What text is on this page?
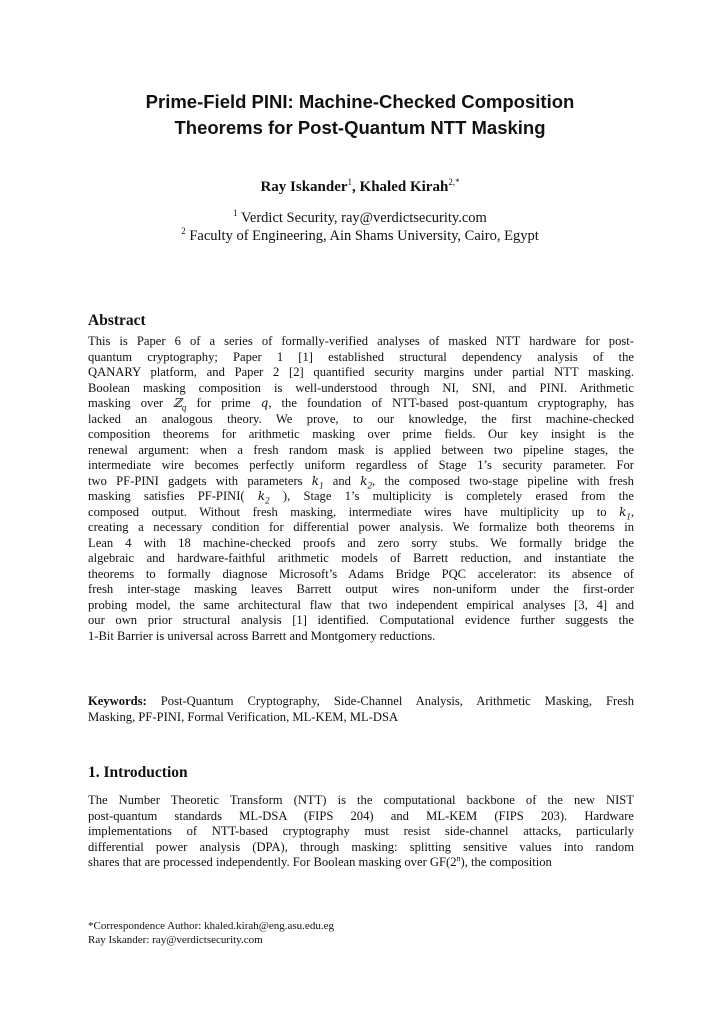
Prime-Field PINI: Machine-Checked Composition
Theorems for Post-Quantum NTT Masking
Ray Iskander$^1$, Khaled Kirah$^{2,*}$
$^1$ Verdict Security, ray@verdictsecurity.com
$^2$ Faculty of Engineering, Ain Shams University, Cairo, Egypt
Abstract
This is Paper 6 of a series of formally-verified analyses of masked NTT hardware for post-
quantum cryptography; Paper 1 [1] established structural dependency analysis of the
QANARY platform, and Paper 2 [2] quantified security margins under partial NTT masking.
Boolean masking composition is well-understood through NI, SNI, and PINI. Arithmetic
masking over ℤ$_q$ for prime q, the foundation of NTT-based post-quantum cryptography, has
lacked an analogous theory. We prove, to our knowledge, the first machine-checked
composition theorems for arithmetic masking over prime fields. Our key insight is the
renewal argument: when a fresh random mask is applied between two pipeline stages, the
intermediate wire becomes perfectly uniform regardless of Stage 1’s security parameter. For
two PF-PINI gadgets with parameters $k_1$ and $k_2$, the composed two-stage pipeline with fresh
masking satisfies PF-PINI( $k_2$ ), Stage 1’s multiplicity is completely erased from the
composed output. Without fresh masking, intermediate wires have multiplicity up to $k_1$,
creating a necessary condition for differential power analysis. We formalize both theorems in
Lean 4 with 18 machine-checked proofs and zero sorry stubs. We formally bridge the
algebraic and hardware-faithful arithmetic models of Barrett reduction, and instantiate the
theorems to formally diagnose Microsoft’s Adams Bridge PQC accelerator: its absence of
fresh inter-stage masking leaves Barrett output wires non-uniform under the first-order
probing model, the same architectural flaw that two independent empirical analyses [3, 4] and
our own prior structural analysis [1] identified. Computational evidence further suggests the
1-Bit Barrier is universal across Barrett and Montgomery reductions.
Keywords: Post-Quantum Cryptography, Side-Channel Analysis, Arithmetic Masking, Fresh
Masking, PF-PINI, Formal Verification, ML-KEM, ML-DSA
1. Introduction
The Number Theoretic Transform (NTT) is the computational backbone of the new NIST
post-quantum standards ML-DSA (FIPS 204) and ML-KEM (FIPS 203). Hardware
implementations of NTT-based cryptography must resist side-channel attacks, particularly
differential power analysis (DPA), through masking: splitting sensitive values into random
shares that are processed independently. For Boolean masking over GF(2$^n$), the composition
*Correspondence Author: khaled.kirah@eng.asu.edu.eg
Ray Iskander: ray@verdictsecurity.com
